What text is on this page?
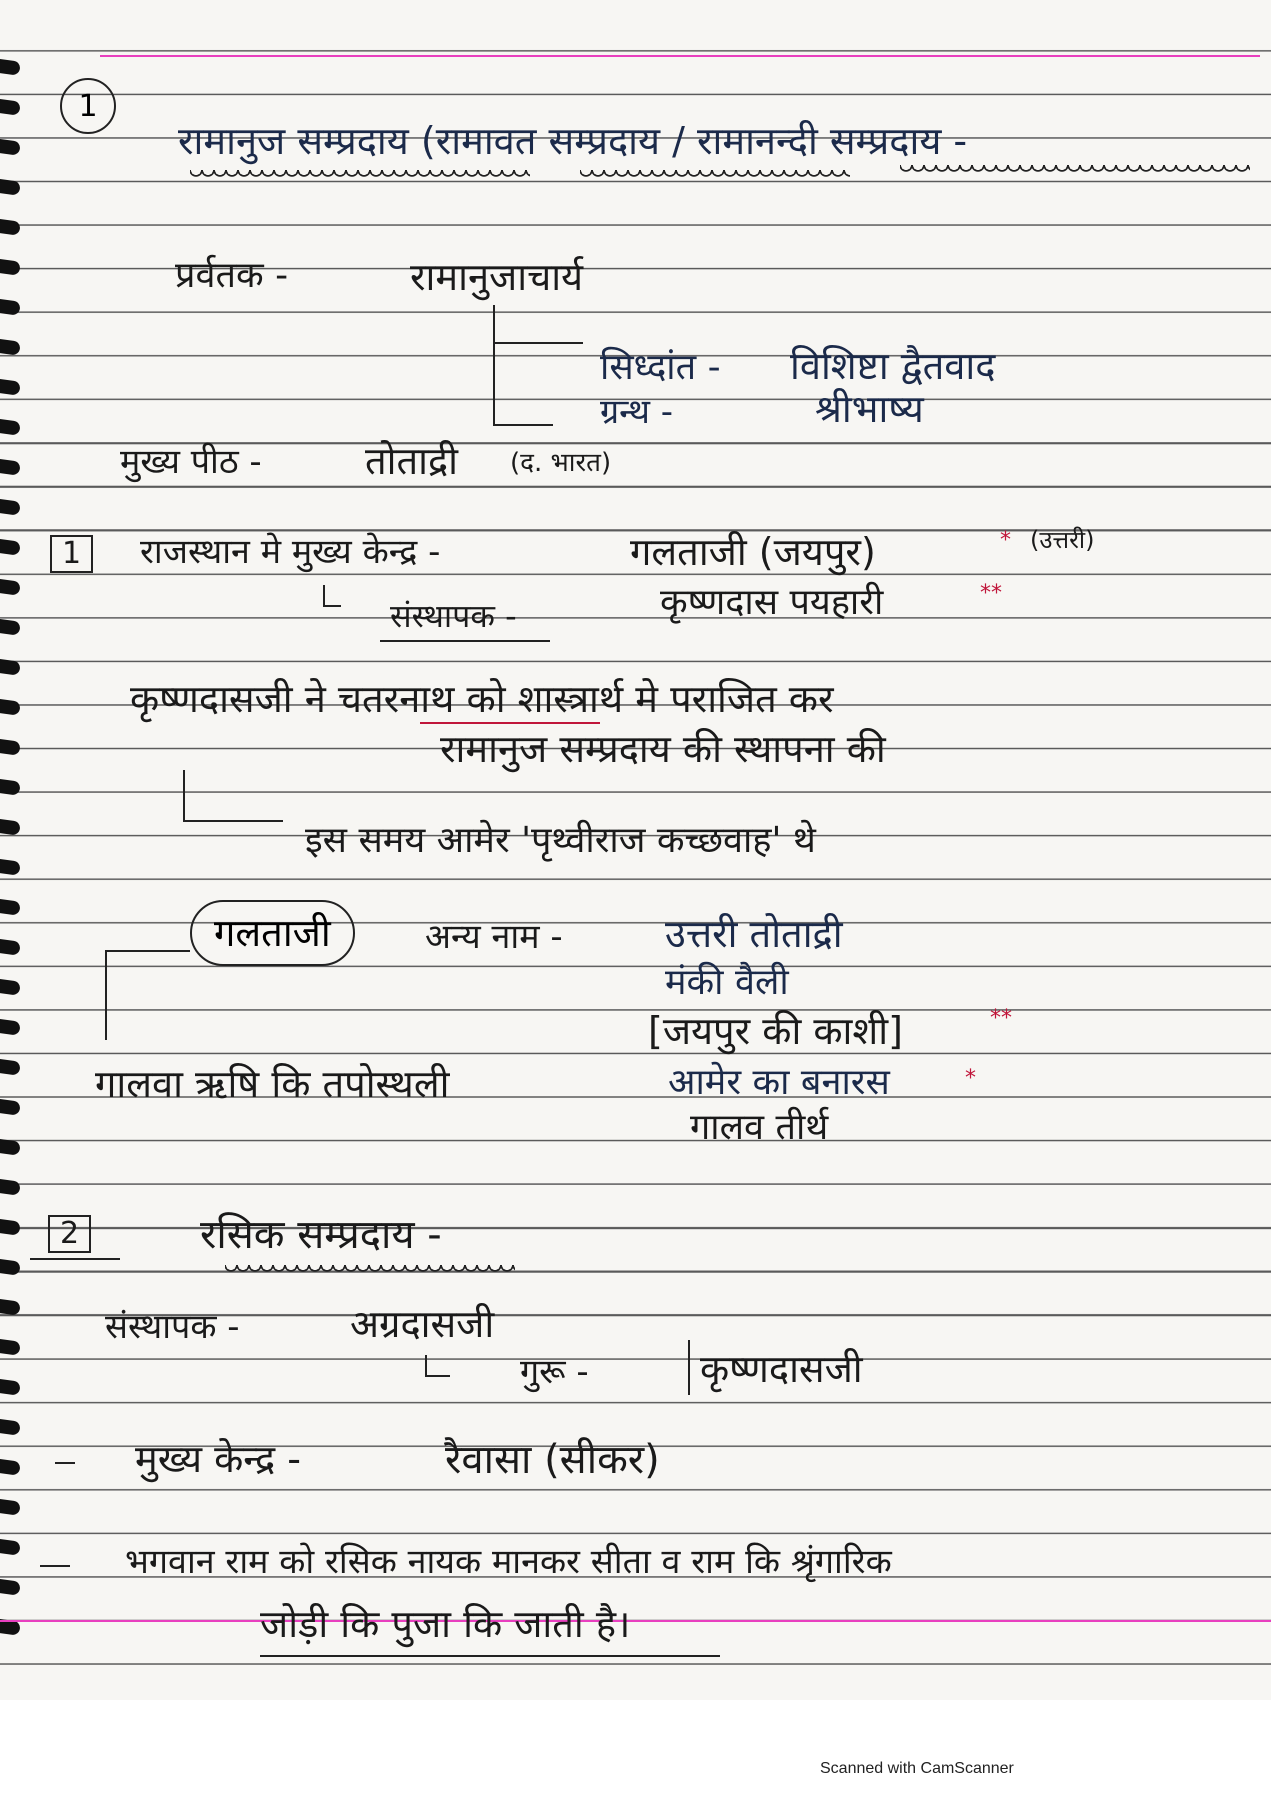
1
रामानुज सम्प्रदाय (रामावत सम्प्रदाय / रामानन्दी सम्प्रदाय -
प्रर्वतक -	रामानुजाचार्य
सिध्दांत - विशिष्टा द्वैतवाद
ग्रन्थ -	श्रीभाष्य
मुख्य पीठ -	तोताद्री (द. भारत)
1	राजस्थान मे मुख्य केन्द्र -	गलताजी (जयपुर)	* (उत्तरी)
संस्थापक -	कृष्णदास पयहारी	**
कृष्णदासजी ने चतरनाथ को शास्त्रार्थ मे पराजित कर
रामानुज सम्प्रदाय की स्थापना की
इस समय आमेर 'पृथ्वीराज कच्छवाह' थे
गलताजी	अन्य नाम -	उत्तरी तोताद्री
मंकी वैली
[जयपुर की काशी]	**
आमेर का बनारस	*
गालव तीर्थ
गालवा ऋषि कि तपोस्थली
2	रसिक सम्प्रदाय -
संस्थापक -	अग्रदासजी
गुरू -	कृष्णदासजी
मुख्य केन्द्र -	रैवासा (सीकर)
भगवान राम को रसिक नायक मानकर सीता व राम कि श्रृंगारिक
जोड़ी कि पुजा कि जाती है।
Scanned with CamScanner
